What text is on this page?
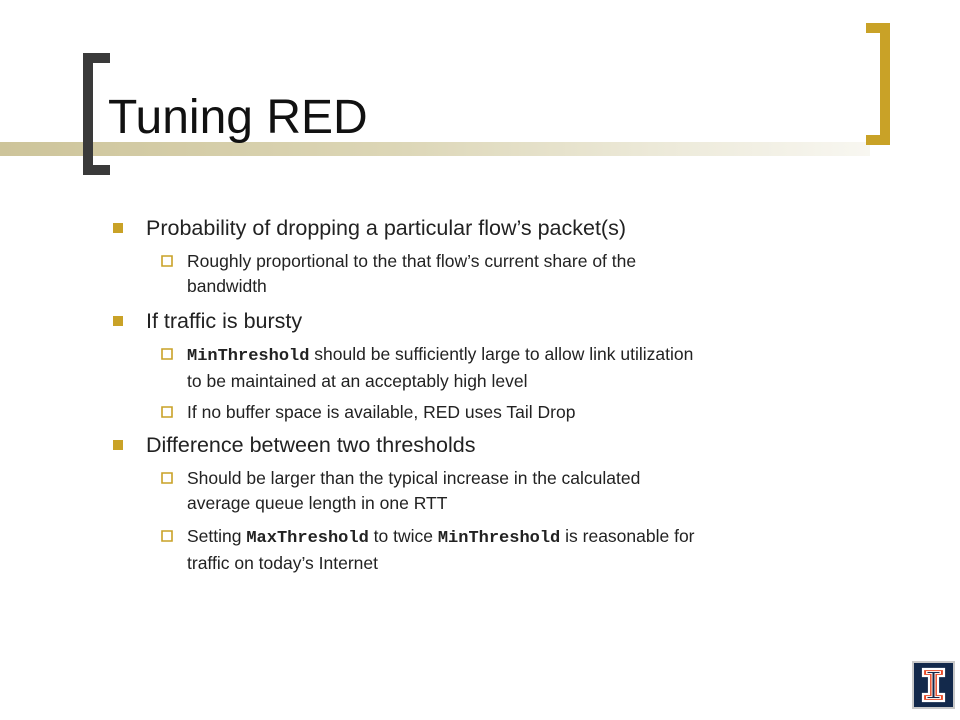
Tuning RED
Probability of dropping a particular flow’s packet(s)
Roughly proportional to the that flow’s current share of the
bandwidth
If traffic is bursty
MinThreshold should be sufficiently large to allow link utilization
to be maintained at an acceptably high level
If no buffer space is available, RED uses Tail Drop
Difference between two thresholds
Should be larger than the typical increase in the calculated
average queue length in one RTT
Setting MaxThreshold to twice MinThreshold is reasonable for
traffic on today’s Internet
